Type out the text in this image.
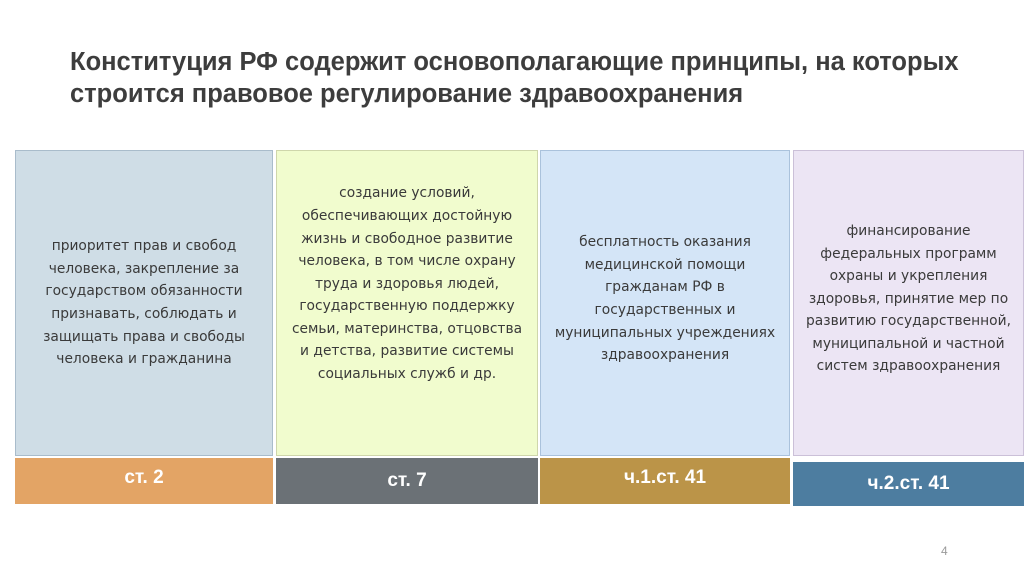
Конституция РФ содержит основополагающие принципы, на которых строится правовое регулирование здравоохранения
приоритет прав и свобод человека, закрепление за государством обязанности признавать, соблюдать и защищать права и свободы человека и гражданина
создание условий, обеспечивающих достойную жизнь и свободное развитие человека, в том числе охрану труда и здоровья людей, государственную поддержку семьи, материнства, отцовства и детства, развитие системы социальных служб и др.
бесплатность оказания медицинской помощи гражданам РФ в государственных и муниципальных учреждениях здравоохранения
финансирование федеральных программ охраны и укрепления здоровья, принятие мер по развитию государственной, муниципальной и частной систем здравоохранения
ст. 2	ст. 7	ч.1.ст. 41	ч.2.ст. 41
4
